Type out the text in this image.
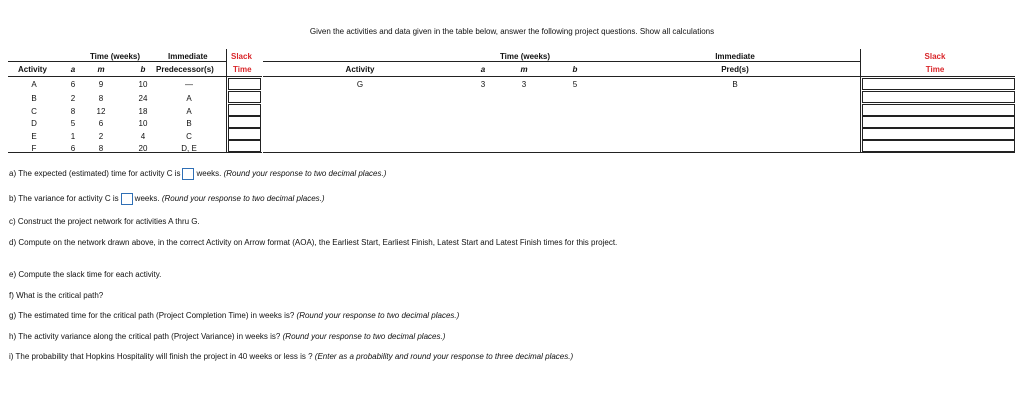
Given the activities and data given in the table below, answer the following project questions. Show all calculations
Time (weeks)	Immediate	Slack
Activity	a	m	b	Predecessor(s) Time
A	6	9	10	—
B	2	8	24	A
C	8	12	18	A
D	5	6	10	B
E	1	2	4	C
F	6	8	20	D, E
Time (weeks)	Immediate	Slack
Activity	a	m	b	Pred(s)	Time
G	3	3	5	B
a) The expected (estimated) time for activity C is weeks. (Round your response to two decimal places.)
b) The variance for activity C is weeks. (Round your response to two decimal places.)
c) Construct the project network for activities A thru G.
d) Compute on the network drawn above, in the correct Activity on Arrow format (AOA), the Earliest Start, Earliest Finish, Latest Start and Latest Finish times for this project.
e) Compute the slack time for each activity.
f) What is the critical path?
g) The estimated time for the critical path (Project Completion Time) in weeks is? (Round your response to two decimal places.)
h) The activity variance along the critical path (Project Variance) in weeks is? (Round your response to two decimal places.)
i) The probability that Hopkins Hospitality will finish the project in 40 weeks or less is ? (Enter as a probability and round your response to three decimal places.)
